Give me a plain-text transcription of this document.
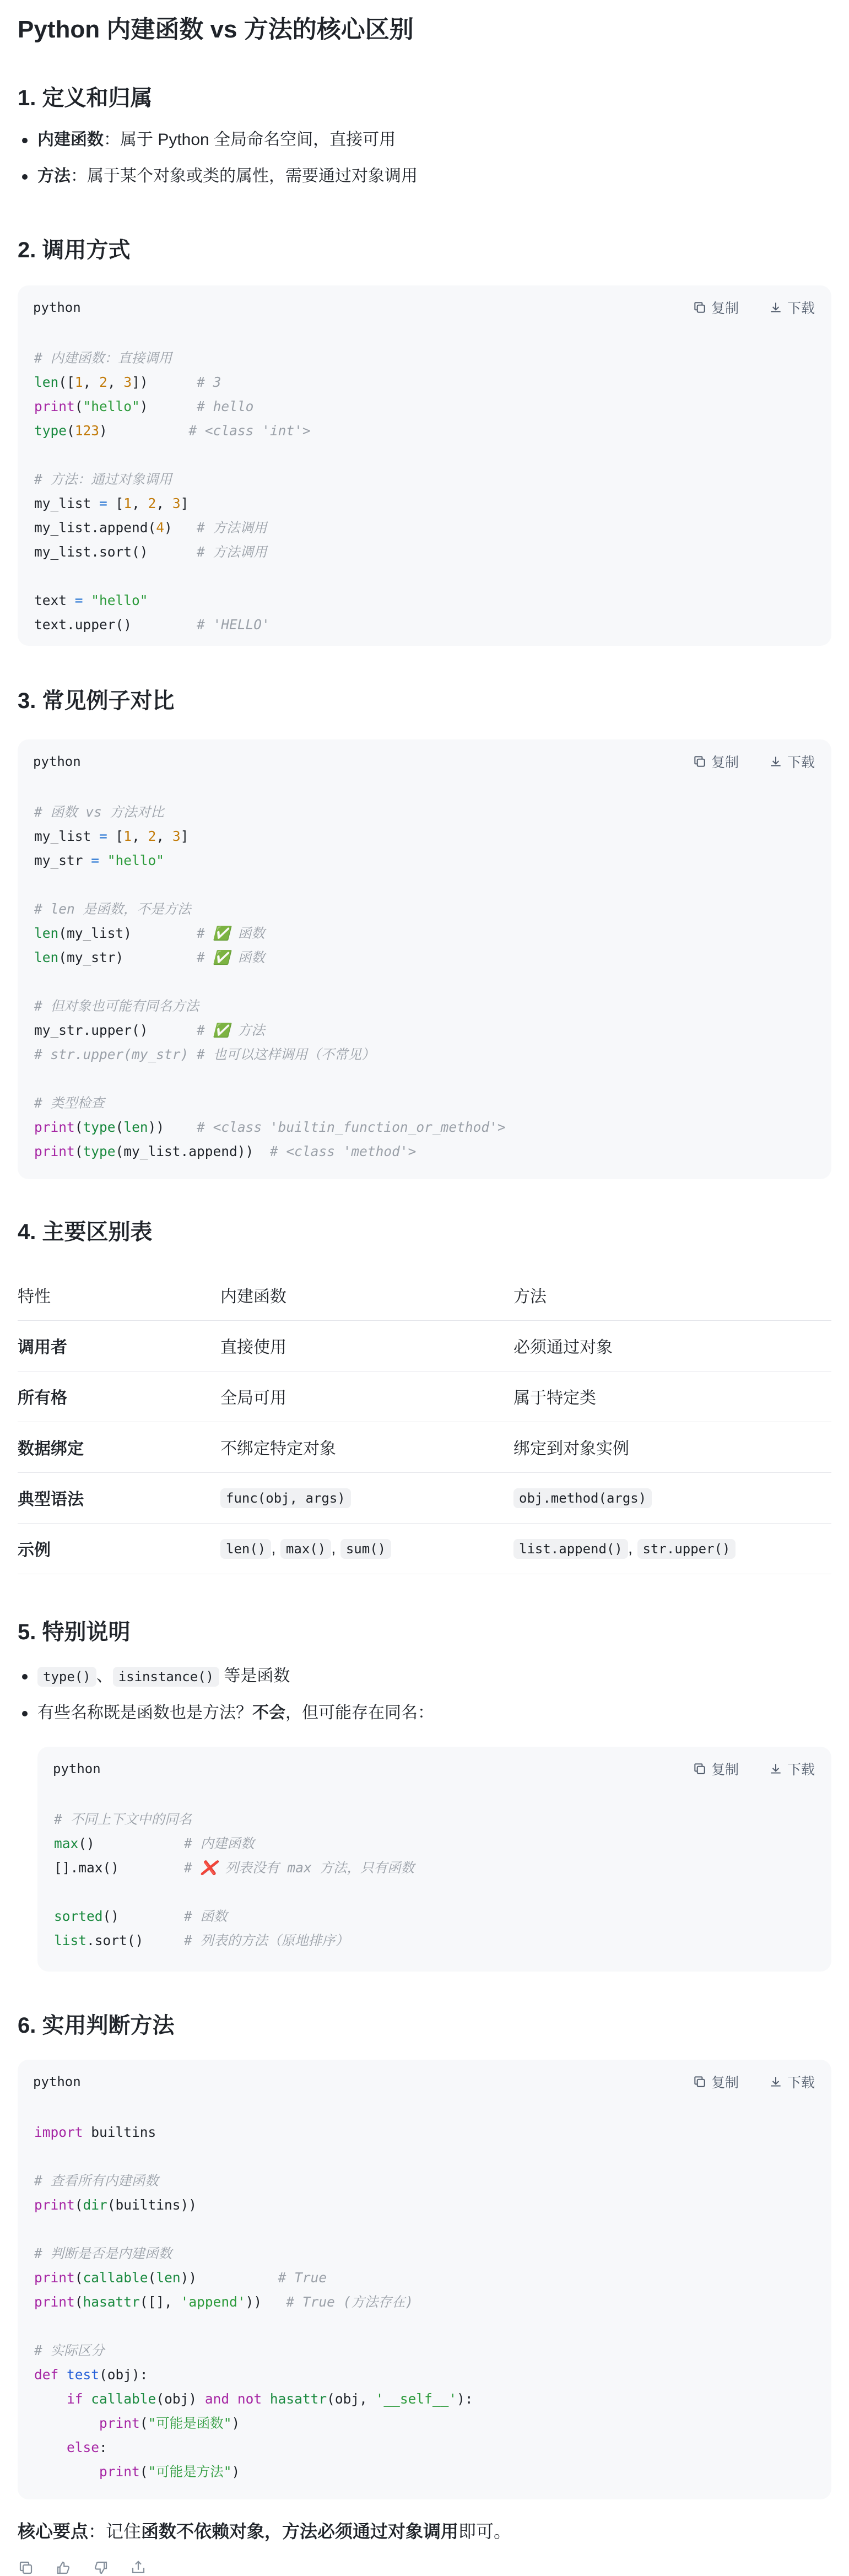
Python 内建函数 vs 方法的核心区别
1. 定义和归属
内建函数：属于 Python 全局命名空间，直接可用
方法：属于某个对象或类的属性，需要通过对象调用
2. 调用方式
python	复制	下载
# 内建函数：直接调用
len([1, 2, 3])      # 3
print("hello")      # hello
type(123)          # <class 'int'>

# 方法：通过对象调用
my_list = [1, 2, 3]
my_list.append(4)   # 方法调用
my_list.sort()	# 方法调用

text = "hello"
text.upper()	# 'HELLO'
3. 常见例子对比
python	复制	下载
# 函数 vs 方法对比
my_list = [1, 2, 3]
my_str = "hello"

# len 是函数，不是方法
len(my_list)        # ✅ 函数
len(my_str)         # ✅ 函数

# 但对象也可能有同名方法
my_str.upper()	# ✅ 方法
# str.upper(my_str) # 也可以这样调用（不常见）

# 类型检查
print(type(len))    # <class 'builtin_function_or_method'>
print(type(my_list.append))  # <class 'method'>
4. 主要区别表
特性	内建函数	方法
调用者	直接使用	必须通过对象
所有格	全局可用	属于特定类
数据绑定	不绑定特定对象	绑定到对象实例
典型语法	func(obj, args)	obj.method(args)
示例	len() , max() , sum()	list.append() , str.upper()
5. 特别说明
type() 、 isinstance() 等是函数
有些名称既是函数也是方法？不会，但可能存在同名：
python	复制	下载
# 不同上下文中的同名
max()           # 内建函数
[].max()	# ❌ 列表没有 max 方法，只有函数

sorted()        # 函数
list.sort()     # 列表的方法（原地排序）
6. 实用判断方法
python	复制	下载
import builtins

# 查看所有内建函数
print(dir(builtins))

# 判断是否是内建函数
print(callable(len))          # True
print(hasattr([], 'append'))   # True (方法存在)

# 实际区分
def test(obj):
if callable(obj) and not hasattr(obj, '__self__'):
print("可能是函数")
else:
print("可能是方法")

核心要点：记住函数不依赖对象，方法必须通过对象调用即可。
